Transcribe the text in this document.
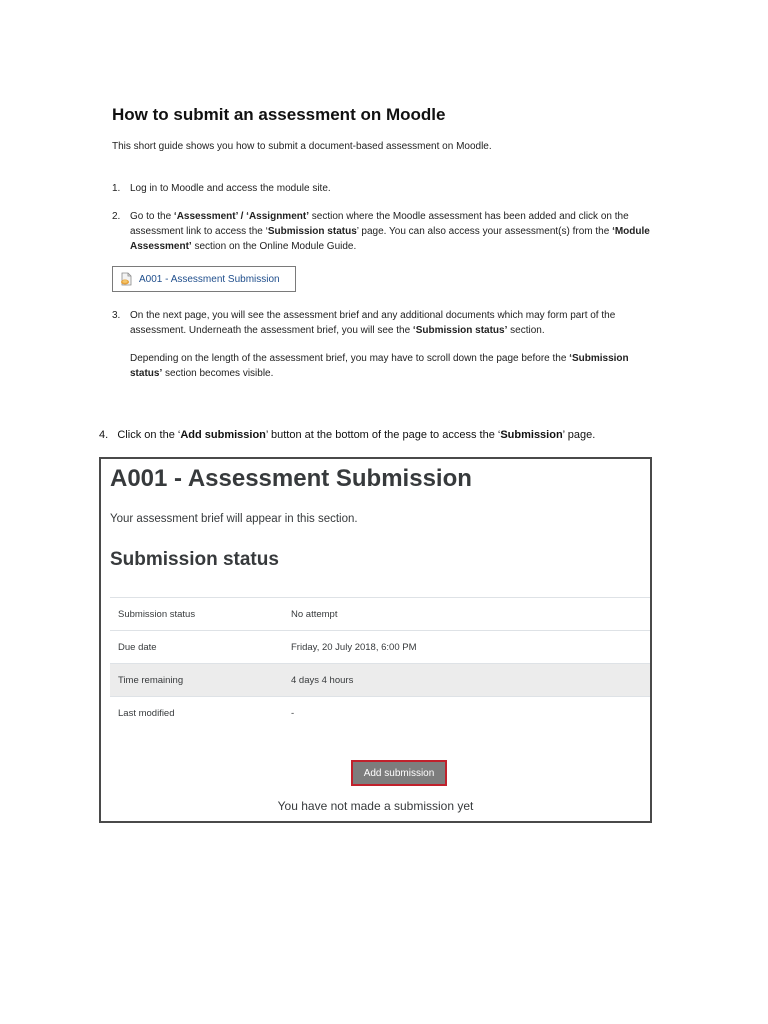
How to submit an assessment on Moodle
This short guide shows you how to submit a document-based assessment on Moodle.
1. Log in to Moodle and access the module site.
2. Go to the ‘Assessment’ / ‘Assignment’ section where the Moodle assessment has been added and click on the assessment link to access the ‘Submission status’ page. You can also access your assessment(s) from the ‘Module Assessment’ section on the Online Module Guide.
A001 - Assessment Submission
3. On the next page, you will see the assessment brief and any additional documents which may form part of the assessment. Underneath the assessment brief, you will see the ‘Submission status’ section.
Depending on the length of the assessment brief, you may have to scroll down the page before the ‘Submission status’ section becomes visible.
4. Click on the ‘Add submission’ button at the bottom of the page to access the ‘Submission’ page.
A001 - Assessment Submission
Your assessment brief will appear in this section.
Submission status
Submission status	No attempt
Due date	Friday, 20 July 2018, 6:00 PM
Time remaining	4 days 4 hours
Last modified	-
Add submission
You have not made a submission yet
